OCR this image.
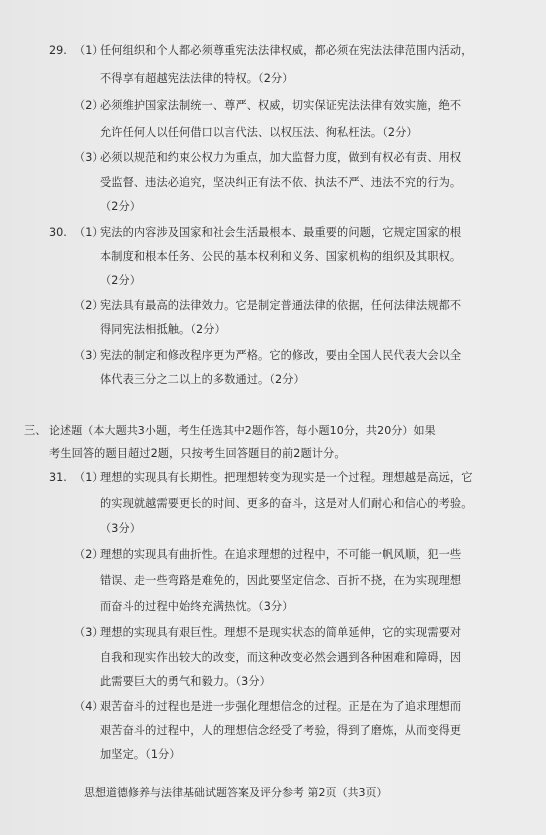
29. （1）
任何组织和个人都必须尊重宪法法律权威，都必须在宪法法律范围内活动，
不得享有超越宪法法律的特权。（2分）
（2）
必须维护国家法制统一、尊严、权威，切实保证宪法法律有效实施，绝不
允许任何人以任何借口以言代法、以权压法、徇私枉法。（2分）
（3）
必须以规范和约束公权力为重点，加大监督力度，做到有权必有责、用权
受监督、违法必追究，坚决纠正有法不依、执法不严、违法不究的行为。
（2分）
30. （1）
宪法的内容涉及国家和社会生活最根本、最重要的问题，它规定国家的根
本制度和根本任务、公民的基本权利和义务、国家机构的组织及其职权。
（2分）
（2）
宪法具有最高的法律效力。它是制定普通法律的依据，任何法律法规都不
得同宪法相抵触。（2分）
（3）
宪法的制定和修改程序更为严格。它的修改，要由全国人民代表大会以全
体代表三分之二以上的多数通过。（2分）
三、 论述题（本大题共3小题，考生任选其中2题作答，每小题10分，共20分）如果
考生回答的题目超过2题，只按考生回答题目的前2题计分。
31. （1）
理想的实现具有长期性。把理想转变为现实是一个过程。理想越是高远，它
的实现就越需要更长的时间、更多的奋斗，这是对人们耐心和信心的考验。
（3分）
（2）
理想的实现具有曲折性。在追求理想的过程中，不可能一帆风顺，犯一些
错误、走一些弯路是难免的，因此要坚定信念、百折不挠，在为实现理想
而奋斗的过程中始终充满热忱。（3分）
（3）
理想的实现具有艰巨性。理想不是现实状态的简单延伸，它的实现需要对
自我和现实作出较大的改变，而这种改变必然会遇到各种困难和障碍，因
此需要巨大的勇气和毅力。（3分）
（4）
艰苦奋斗的过程也是进一步强化理想信念的过程。正是在为了追求理想而
艰苦奋斗的过程中，人的理想信念经受了考验，得到了磨炼，从而变得更
加坚定。（1分）
思想道德修养与法律基础试题答案及评分参考 第2页（共3页）
